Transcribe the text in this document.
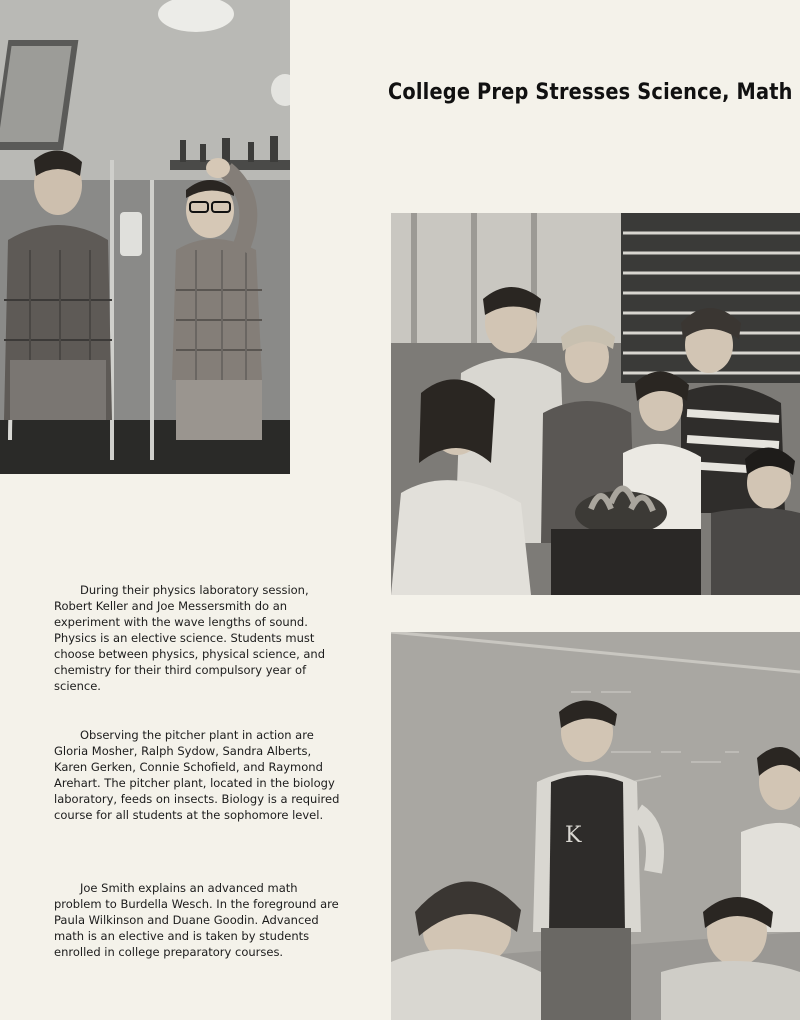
College Prep Stresses Science, Math

During their physics laboratory session, Robert Keller and Joe Messersmith do an experiment with the wave lengths of sound. Physics is an elective science. Students must choose between physics, physical science, and chemistry for their third compulsory year of science.

Observing the pitcher plant in action are Gloria Mosher, Ralph Sydow, Sandra Alberts, Karen Gerken, Connie Schofield, and Raymond Arehart. The pitcher plant, located in the biology laboratory, feeds on insects. Biology is a required course for all students at the sophomore level.

K

Joe Smith explains an advanced math problem to Burdella Wesch. In the foreground are Paula Wilkinson and Duane Goodin. Advanced math is an elective and is taken by students enrolled in college preparatory courses.
